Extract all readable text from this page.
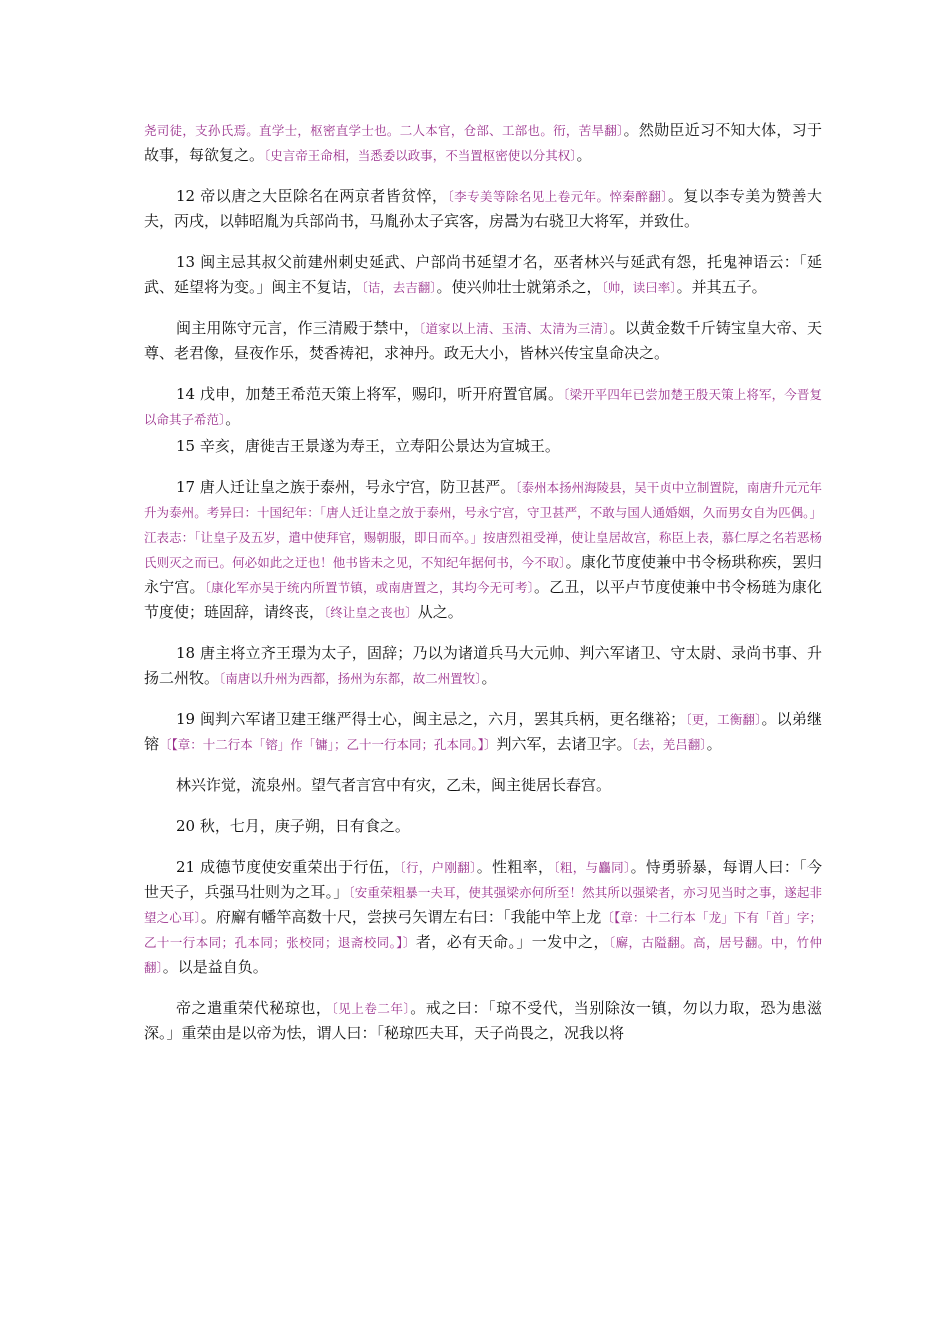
尧司徒，支孙氏焉。直学士，枢密直学士也。二人本官，仓部、工部也。衎，苦旱翻〕。然勋臣近习不知大体，习于故事，每欲复之。〔史言帝王命相，当悉委以政事，不当置枢密使以分其权〕。

12 帝以唐之大臣除名在两京者皆贫悴，〔李专美等除名见上卷元年。悴秦醉翻〕。复以李专美为赞善大夫，丙戌，以韩昭胤为兵部尚书，马胤孙太子宾客，房暠为右骁卫大将军，并致仕。

13 闽主忌其叔父前建州刺史延武、户部尚书延望才名，巫者林兴与延武有怨，托鬼神语云：「延武、延望将为变。」闽主不复诘，〔诘，去吉翻〕。使兴帅壮士就第杀之，〔帅，读曰率〕。并其五子。

闽主用陈守元言，作三清殿于禁中，〔道家以上清、玉清、太清为三清〕。以黄金数千斤铸宝皇大帝、天尊、老君像，昼夜作乐，焚香祷祀，求神丹。政无大小，皆林兴传宝皇命决之。

14 戊申，加楚王希范天策上将军，赐印，听开府置官属。〔梁开平四年已尝加楚王殷天策上将军，今晋复以命其子希范〕。

15 辛亥，唐徙吉王景遂为寿王，立寿阳公景达为宣城王。

17 唐人迁让皇之族于泰州，号永宁宫，防卫甚严。〔泰州本扬州海陵县，吴干贞中立制置院，南唐升元元年升为泰州。考异曰：十国纪年：「唐人迁让皇之放于泰州，号永宁宫，守卫甚严，不敢与国人通婚姻，久而男女自为匹偶。」江表志：「让皇子及五岁，遣中使拜官，赐朝服，即日而卒。」按唐烈祖受禅，使让皇居故宫，称臣上表，慕仁厚之名若恶杨氏则灭之而已。何必如此之迂也！他书皆未之见，不知纪年据何书，今不取〕。康化节度使兼中书令杨珙称疾，罢归永宁宫。〔康化军亦吴于统内所置节镇，或南唐置之，其均今无可考〕。乙丑，以平卢节度使兼中书令杨琏为康化节度使；琏固辞，请终丧，〔终让皇之丧也〕从之。

18 唐主将立齐王璟为太子，固辞；乃以为诸道兵马大元帅、判六军诸卫、守太尉、录尚书事、升扬二州牧。〔南唐以升州为西都，扬州为东都，故二州置牧〕。

19 闽判六军诸卫建王继严得士心，闽主忌之，六月，罢其兵柄，更名继裕；〔更，工衡翻〕。以弟继镕〔【章：十二行本「镕」作「镛」；乙十一行本同；孔本同。】〕判六军，去诸卫字。〔去，羌吕翻〕。

林兴诈觉，流泉州。望气者言宫中有灾，乙未，闽主徙居长春宫。

20 秋，七月，庚子朔，日有食之。

21 成德节度使安重荣出于行伍，〔行，户刚翻〕。性粗率，〔粗，与麤同〕。恃勇骄暴，每谓人曰：「今世天子，兵强马壮则为之耳。」〔安重荣粗暴一夫耳，使其强梁亦何所至！然其所以强梁者，亦习见当时之事，遂起非望之心耳〕。府廨有幡竿高数十尺，尝挟弓矢谓左右曰：「我能中竿上龙〔【章：十二行本「龙」下有「首」字；乙十一行本同；孔本同；张校同；退斋校同。】〕者，必有天命。」一发中之，〔廨，古隘翻。高，居号翻。中，竹仲翻〕。以是益自负。

帝之遣重荣代秘琼也，〔见上卷二年〕。戒之曰：「琼不受代，当别除汝一镇，勿以力取，恐为患滋深。」重荣由是以帝为怯，谓人曰：「秘琼匹夫耳，天子尚畏之，况我以将
